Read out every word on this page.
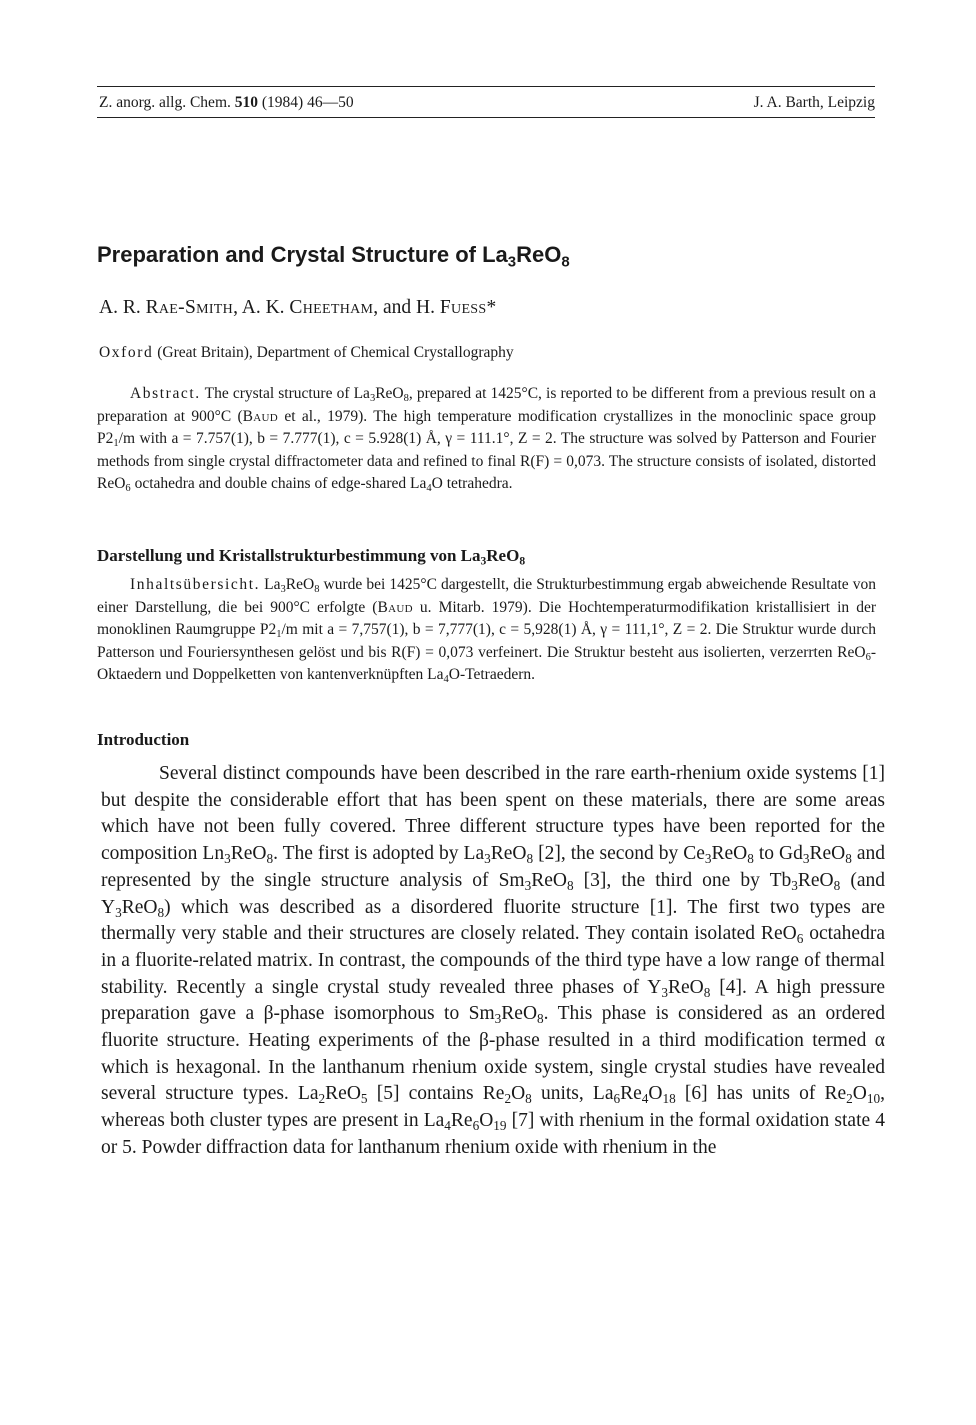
Z. anorg. allg. Chem. 510 (1984) 46—50	J. A. Barth, Leipzig
Preparation and Crystal Structure of $La_3ReO_8$
A. R. Rae-Smith, A. K. Cheetham, and H. Fuess*
Oxford (Great Britain), Department of Chemical Crystallography

Abstract. The crystal structure of $La_3ReO_8$, prepared at 1425°C, is reported to be different from a previous result on a preparation at 900°C (Baud et al., 1979). The high temperature modification crystallizes in the monoclinic space group $P2_1/m$ with a = 7.757(1), b = 7.777(1), c = 5.928(1) Å, γ = 111.1°, Z = 2. The structure was solved by Patterson and Fourier methods from single crystal diffractometer data and refined to final R(F) = 0,073. The structure consists of isolated, distorted ReO$_6$ octahedra and double chains of edge-shared $La_4O$ tetrahedra.

Darstellung und Kristallstrukturbestimmung von $La_3ReO_8$

Inhaltsübersicht. $La_3ReO_8$ wurde bei 1425°C dargestellt, die Strukturbestimmung ergab abweichende Resultate von einer Darstellung, die bei 900°C erfolgte (Baud u. Mitarb. 1979). Die Hochtemperaturmodifikation kristallisiert in der monoklinen Raumgruppe $P2_1/m$ mit a = 7,757(1), b = 7,777(1), c = 5,928(1) Å, γ = 111,1°, Z = 2. Die Struktur wurde durch Patterson und Fouriersynthesen gelöst und bis R(F) = 0,073 verfeinert. Die Struktur besteht aus isolierten, verzerrten ReO$_6$-Oktaedern und Doppelketten von kantenverknüpften $La_4O$-Tetraedern.

Introduction

Several distinct compounds have been described in the rare earth-rhenium oxide systems [1] but despite the considerable effort that has been spent on these materials, there are some areas which have not been fully covered. Three different structure types have been reported for the composition $Ln_3ReO_8$. The first is adopted by $La_3ReO_8$ [2], the second by $Ce_3ReO_8$ to $Gd_3ReO_8$ and represented by the single structure analysis of $Sm_3ReO_8$ [3], the third one by $Tb_3ReO_8$ (and $Y_3ReO_8$) which was described as a disordered fluorite structure [1]. The first two types are thermally very stable and their structures are closely related. They contain isolated ReO$_6$ octahedra in a fluorite-related matrix. In contrast, the compounds of the third type have a low range of thermal stability. Recently a single crystal study revealed three phases of $Y_3ReO_8$ [4]. A high pressure preparation gave a β-phase isomorphous to $Sm_3ReO_8$. This phase is considered as an ordered fluorite structure. Heating experiments of the β-phase resulted in a third modification termed α which is hexagonal. In the lanthanum rhenium oxide system, single crystal studies have revealed several structure types. $La_2ReO_5$ [5] contains $Re_2O_8$ units, $La_6Re_4O_{18}$ [6] has units of $Re_2O_{10}$, whereas both cluster types are present in $La_4Re_6O_{19}$ [7] with rhenium in the formal oxidation state 4 or 5. Powder diffraction data for lanthanum rhenium oxide with rhenium in the
